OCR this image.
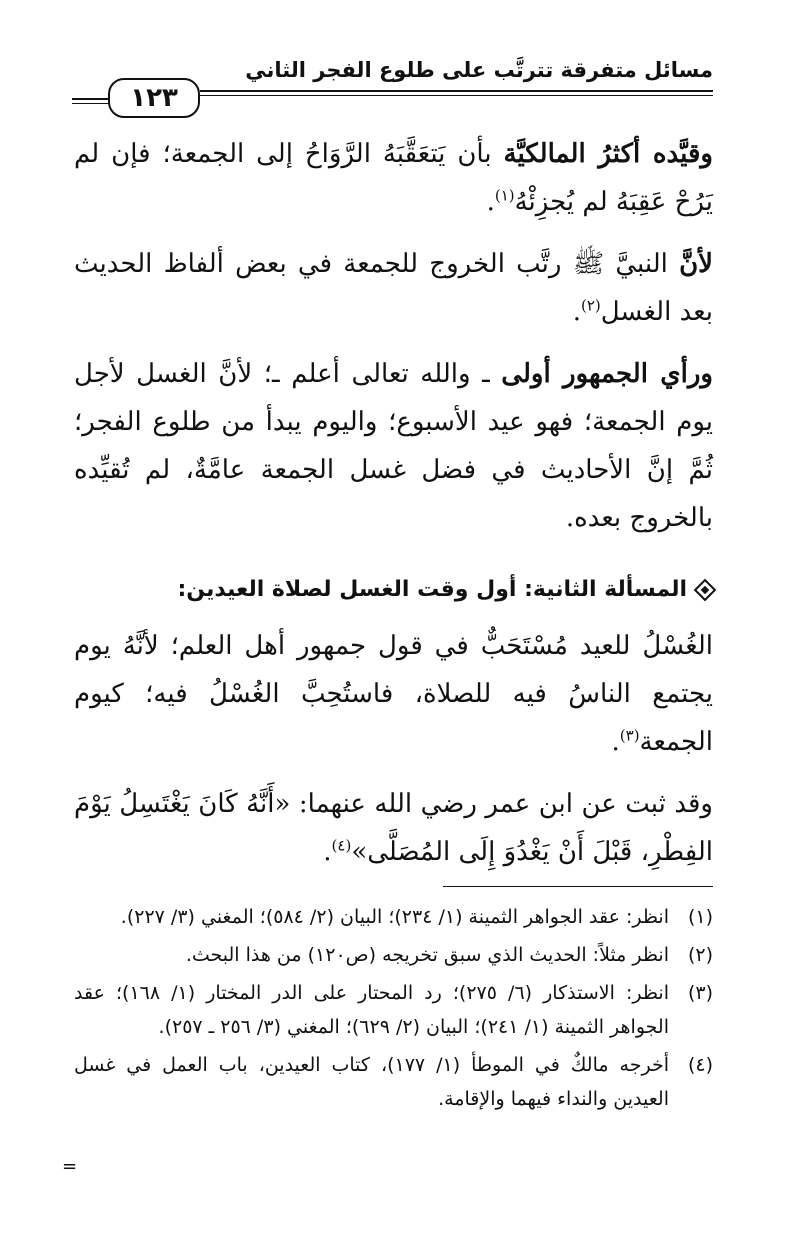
مسائل متفرقة تترتَّب على طلوع الفجر الثاني
١٢٣

وقيَّده أكثرُ المالكيَّة بأن يَتعَقَّبَهُ الرَّوَاحُ إلى الجمعة؛ فإن لم يَرُحْ عَقِبَهُ لم يُجزِئْهُ$^{(١)}$.

لأنَّ النبيَّ ﷺ رتَّب الخروج للجمعة في بعض ألفاظ الحديث بعد الغسل$^{(٢)}$.

ورأي الجمهور أولى ـ والله تعالى أعلم ـ؛ لأنَّ الغسل لأجل يوم الجمعة؛ فهو عيد الأسبوع؛ واليوم يبدأ من طلوع الفجر؛ ثُمَّ إنَّ الأحاديث في فضل غسل الجمعة عامَّةٌ، لم تُقيِّده بالخروج بعده.

المسألة الثانية: أول وقت الغسل لصلاة العيدين:

الغُسْلُ للعيد مُسْتَحَبٌّ في قول جمهور أهل العلم؛ لأنَّهُ يوم يجتمع الناسُ فيه للصلاة، فاستُحِبَّ الغُسْلُ فيه؛ كيوم الجمعة$^{(٣)}$.

وقد ثبت عن ابن عمر رضي الله عنهما: «أَنَّهُ كَانَ يَغْتَسِلُ يَوْمَ الفِطْرِ، قَبْلَ أَنْ يَغْدُوَ إِلَى المُصَلَّى»$^{(٤)}$.

(١)
انظر: عقد الجواهر الثمينة (١/ ٢٣٤)؛ البيان (٢/ ٥٨٤)؛ المغني (٣/ ٢٢٧).
(٢)
انظر مثلاً: الحديث الذي سبق تخريجه (ص١٢٠) من هذا البحث.
(٣)
انظر: الاستذكار (٦/ ٢٧٥)؛ رد المحتار على الدر المختار (١/ ١٦٨)؛ عقد الجواهر الثمينة (١/ ٢٤١)؛ البيان (٢/ ٦٢٩)؛ المغني (٣/ ٢٥٦ ـ ٢٥٧).
(٤)
أخرجه مالكٌ في الموطأ (١/ ١٧٧)، كتاب العيدين، باب العمل في غسل العيدين والنداء فيهما والإقامة.
=
